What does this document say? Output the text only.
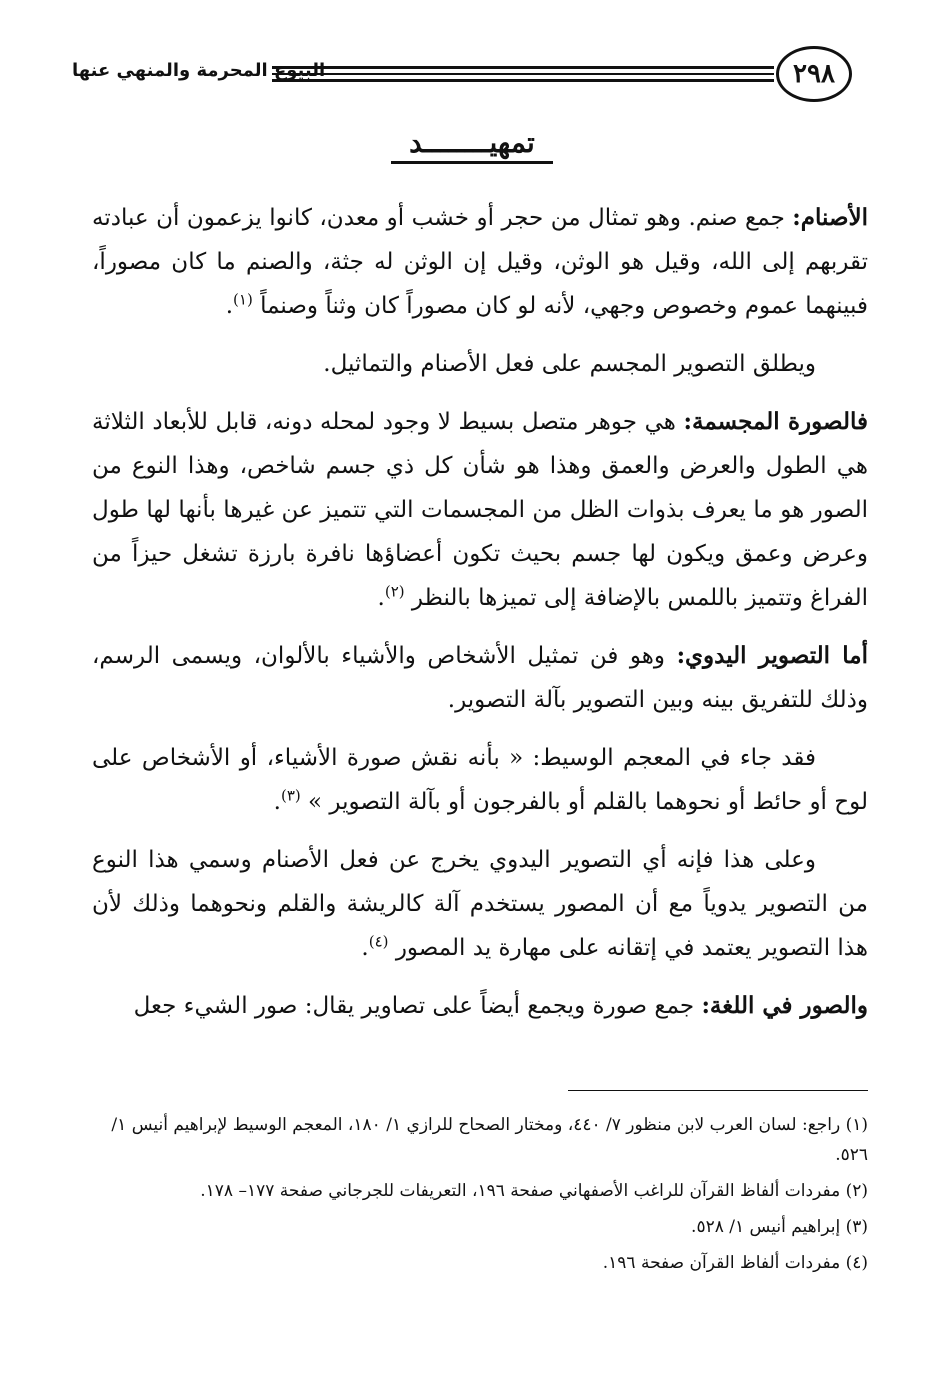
٢٩٨
البيوع المحرمة والمنهي عنها
تمهيــــــــد

الأصنام: جمع صنم. وهو تمثال من حجر أو خشب أو معدن، كانوا يزعمون أن عبادته تقربهم إلى الله، وقيل هو الوثن، وقيل إن الوثن له جثة، والصنم ما كان مصوراً، فبينهما عموم وخصوص وجهي، لأنه لو كان مصوراً كان وثناً وصنماً $^{(١)}$.

ويطلق التصوير المجسم على فعل الأصنام والتماثيل.

فالصورة المجسمة: هي جوهر متصل بسيط لا وجود لمحله دونه، قابل للأبعاد الثلاثة هي الطول والعرض والعمق وهذا هو شأن كل ذي جسم شاخص، وهذا النوع من الصور هو ما يعرف بذوات الظل من المجسمات التي تتميز عن غيرها بأنها لها طول وعرض وعمق ويكون لها جسم بحيث تكون أعضاؤها نافرة بارزة تشغل حيزاً من الفراغ وتتميز باللمس بالإضافة إلى تميزها بالنظر $^{(٢)}$.

أما التصوير اليدوي: وهو فن تمثيل الأشخاص والأشياء بالألوان، ويسمى الرسم، وذلك للتفريق بينه وبين التصوير بآلة التصوير.

فقد جاء في المعجم الوسيط: « بأنه نقش صورة الأشياء، أو الأشخاص على لوح أو حائط أو نحوهما بالقلم أو بالفرجون أو بآلة التصوير » $^{(٣)}$.

وعلى هذا فإنه أي التصوير اليدوي يخرج عن فعل الأصنام وسمي هذا النوع من التصوير يدوياً مع أن المصور يستخدم آلة كالريشة والقلم ونحوهما وذلك لأن هذا التصوير يعتمد في إتقانه على مهارة يد المصور $^{(٤)}$.

والصور في اللغة: جمع صورة ويجمع أيضاً على تصاوير يقال: صور الشيء جعل

(١) راجع: لسان العرب لابن منظور ٧/ ٤٤٠، ومختار الصحاح للرازي ١/ ١٨٠، المعجم الوسيط لإبراهيم أنيس ١/ ٥٢٦.

(٢) مفردات ألفاظ القرآن للراغب الأصفهاني صفحة ١٩٦، التعريفات للجرجاني صفحة ١٧٧– ١٧٨.

(٣) إبراهيم أنيس ١/ ٥٢٨.

(٤) مفردات ألفاظ القرآن صفحة ١٩٦.
